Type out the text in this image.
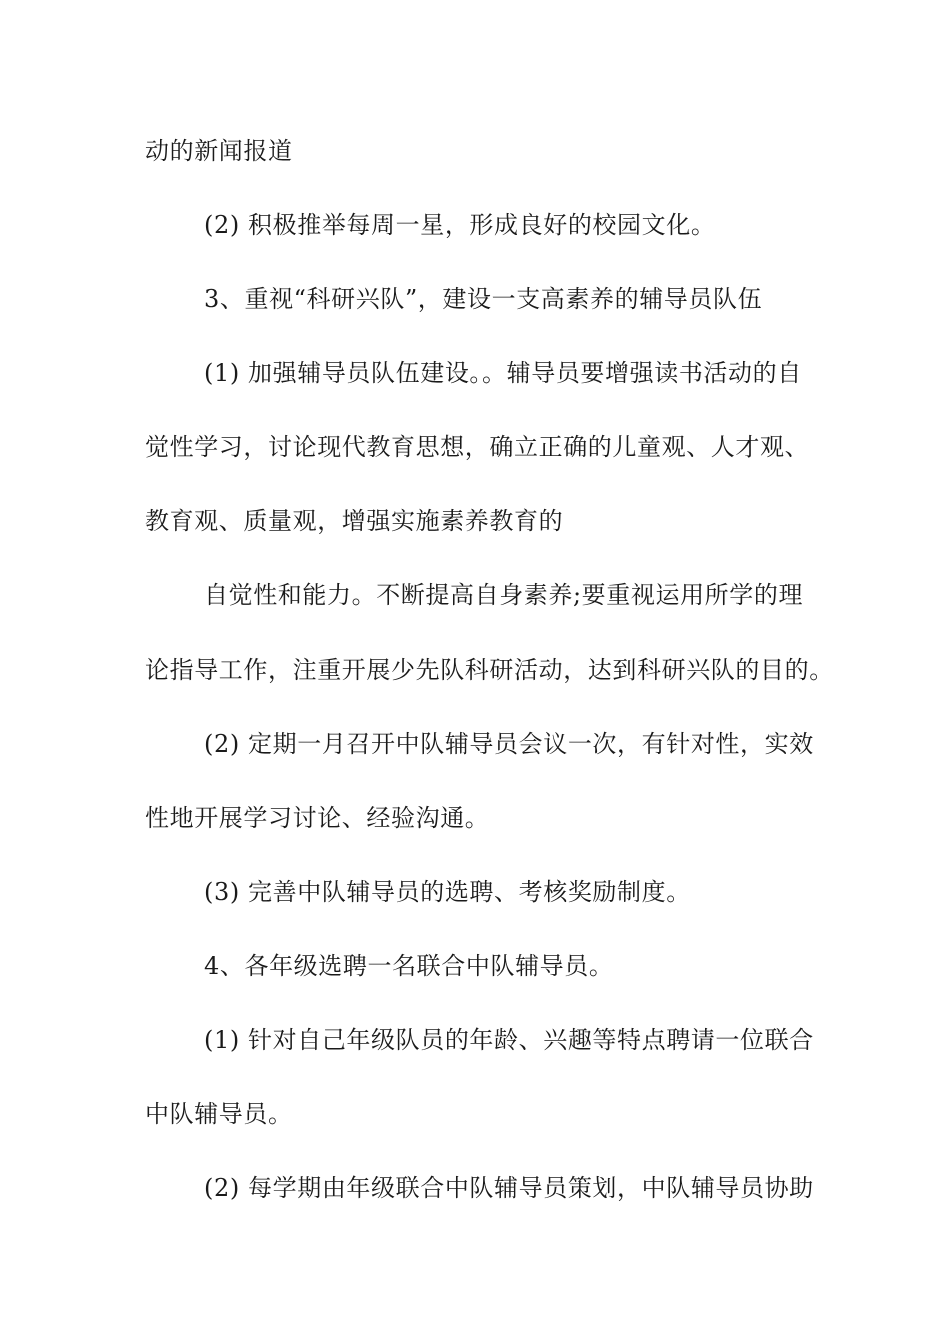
动的新闻报道
(2) 积极推举每周一星，形成良好的校园文化。
3、重视“科研兴队”，建设一支高素养的辅导员队伍
(1) 加强辅导员队伍建设。。辅导员要增强读书活动的自
觉性学习，讨论现代教育思想，确立正确的儿童观、人才观、
教育观、质量观，增强实施素养教育的
自觉性和能力。不断提高自身素养;要重视运用所学的理
论指导工作，注重开展少先队科研活动，达到科研兴队的目的。
(2) 定期一月召开中队辅导员会议一次，有针对性，实效
性地开展学习讨论、经验沟通。
(3) 完善中队辅导员的选聘、考核奖励制度。
4、各年级选聘一名联合中队辅导员。
(1) 针对自己年级队员的年龄、兴趣等特点聘请一位联合
中队辅导员。
(2) 每学期由年级联合中队辅导员策划，中队辅导员协助
